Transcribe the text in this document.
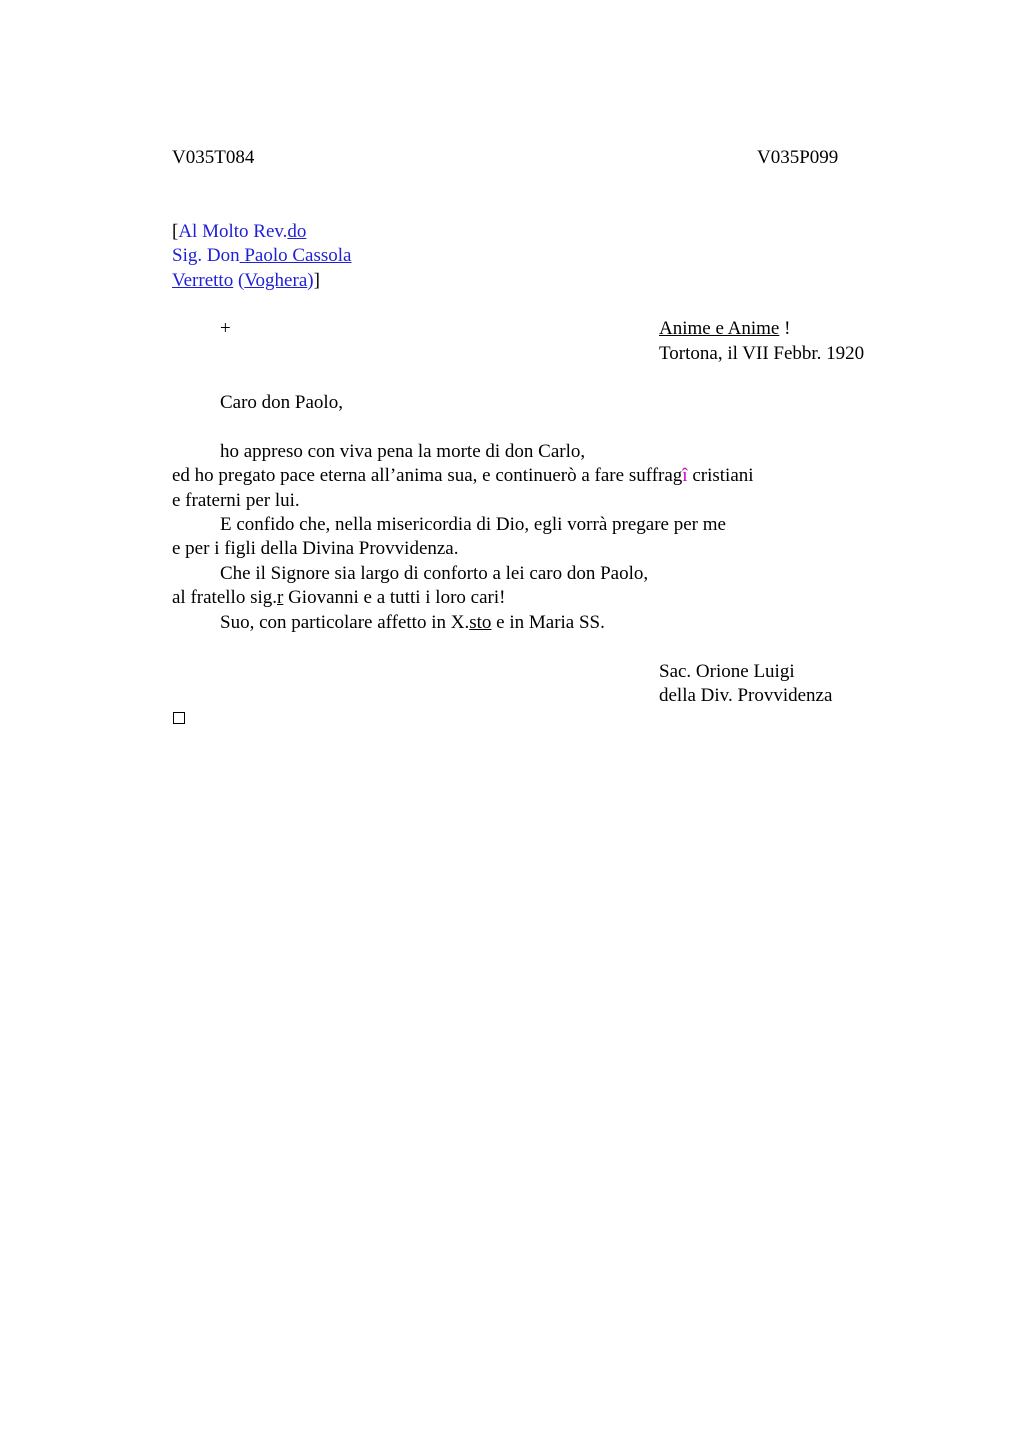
V035T084	V035P099
[Al Molto Rev.do
Sig. Don Paolo Cassola
Verretto (Voghera)]
+	Anime e Anime !
Tortona, il VII Febbr. 1920
Caro don Paolo,
ho appreso con viva pena la morte di don Carlo,
ed ho pregato pace eterna all’anima sua, e continuerò a fare suffragî cristiani
e fraterni per lui.
E confido che, nella misericordia di Dio, egli vorrà pregare per me
e per i figli della Divina Provvidenza.
Che il Signore sia largo di conforto a lei caro don Paolo,
al fratello sig.r Giovanni e a tutti i loro cari!
Suo, con particolare affetto in X.sto e in Maria SS.
Sac. Orione Luigi
della Div. Provvidenza
